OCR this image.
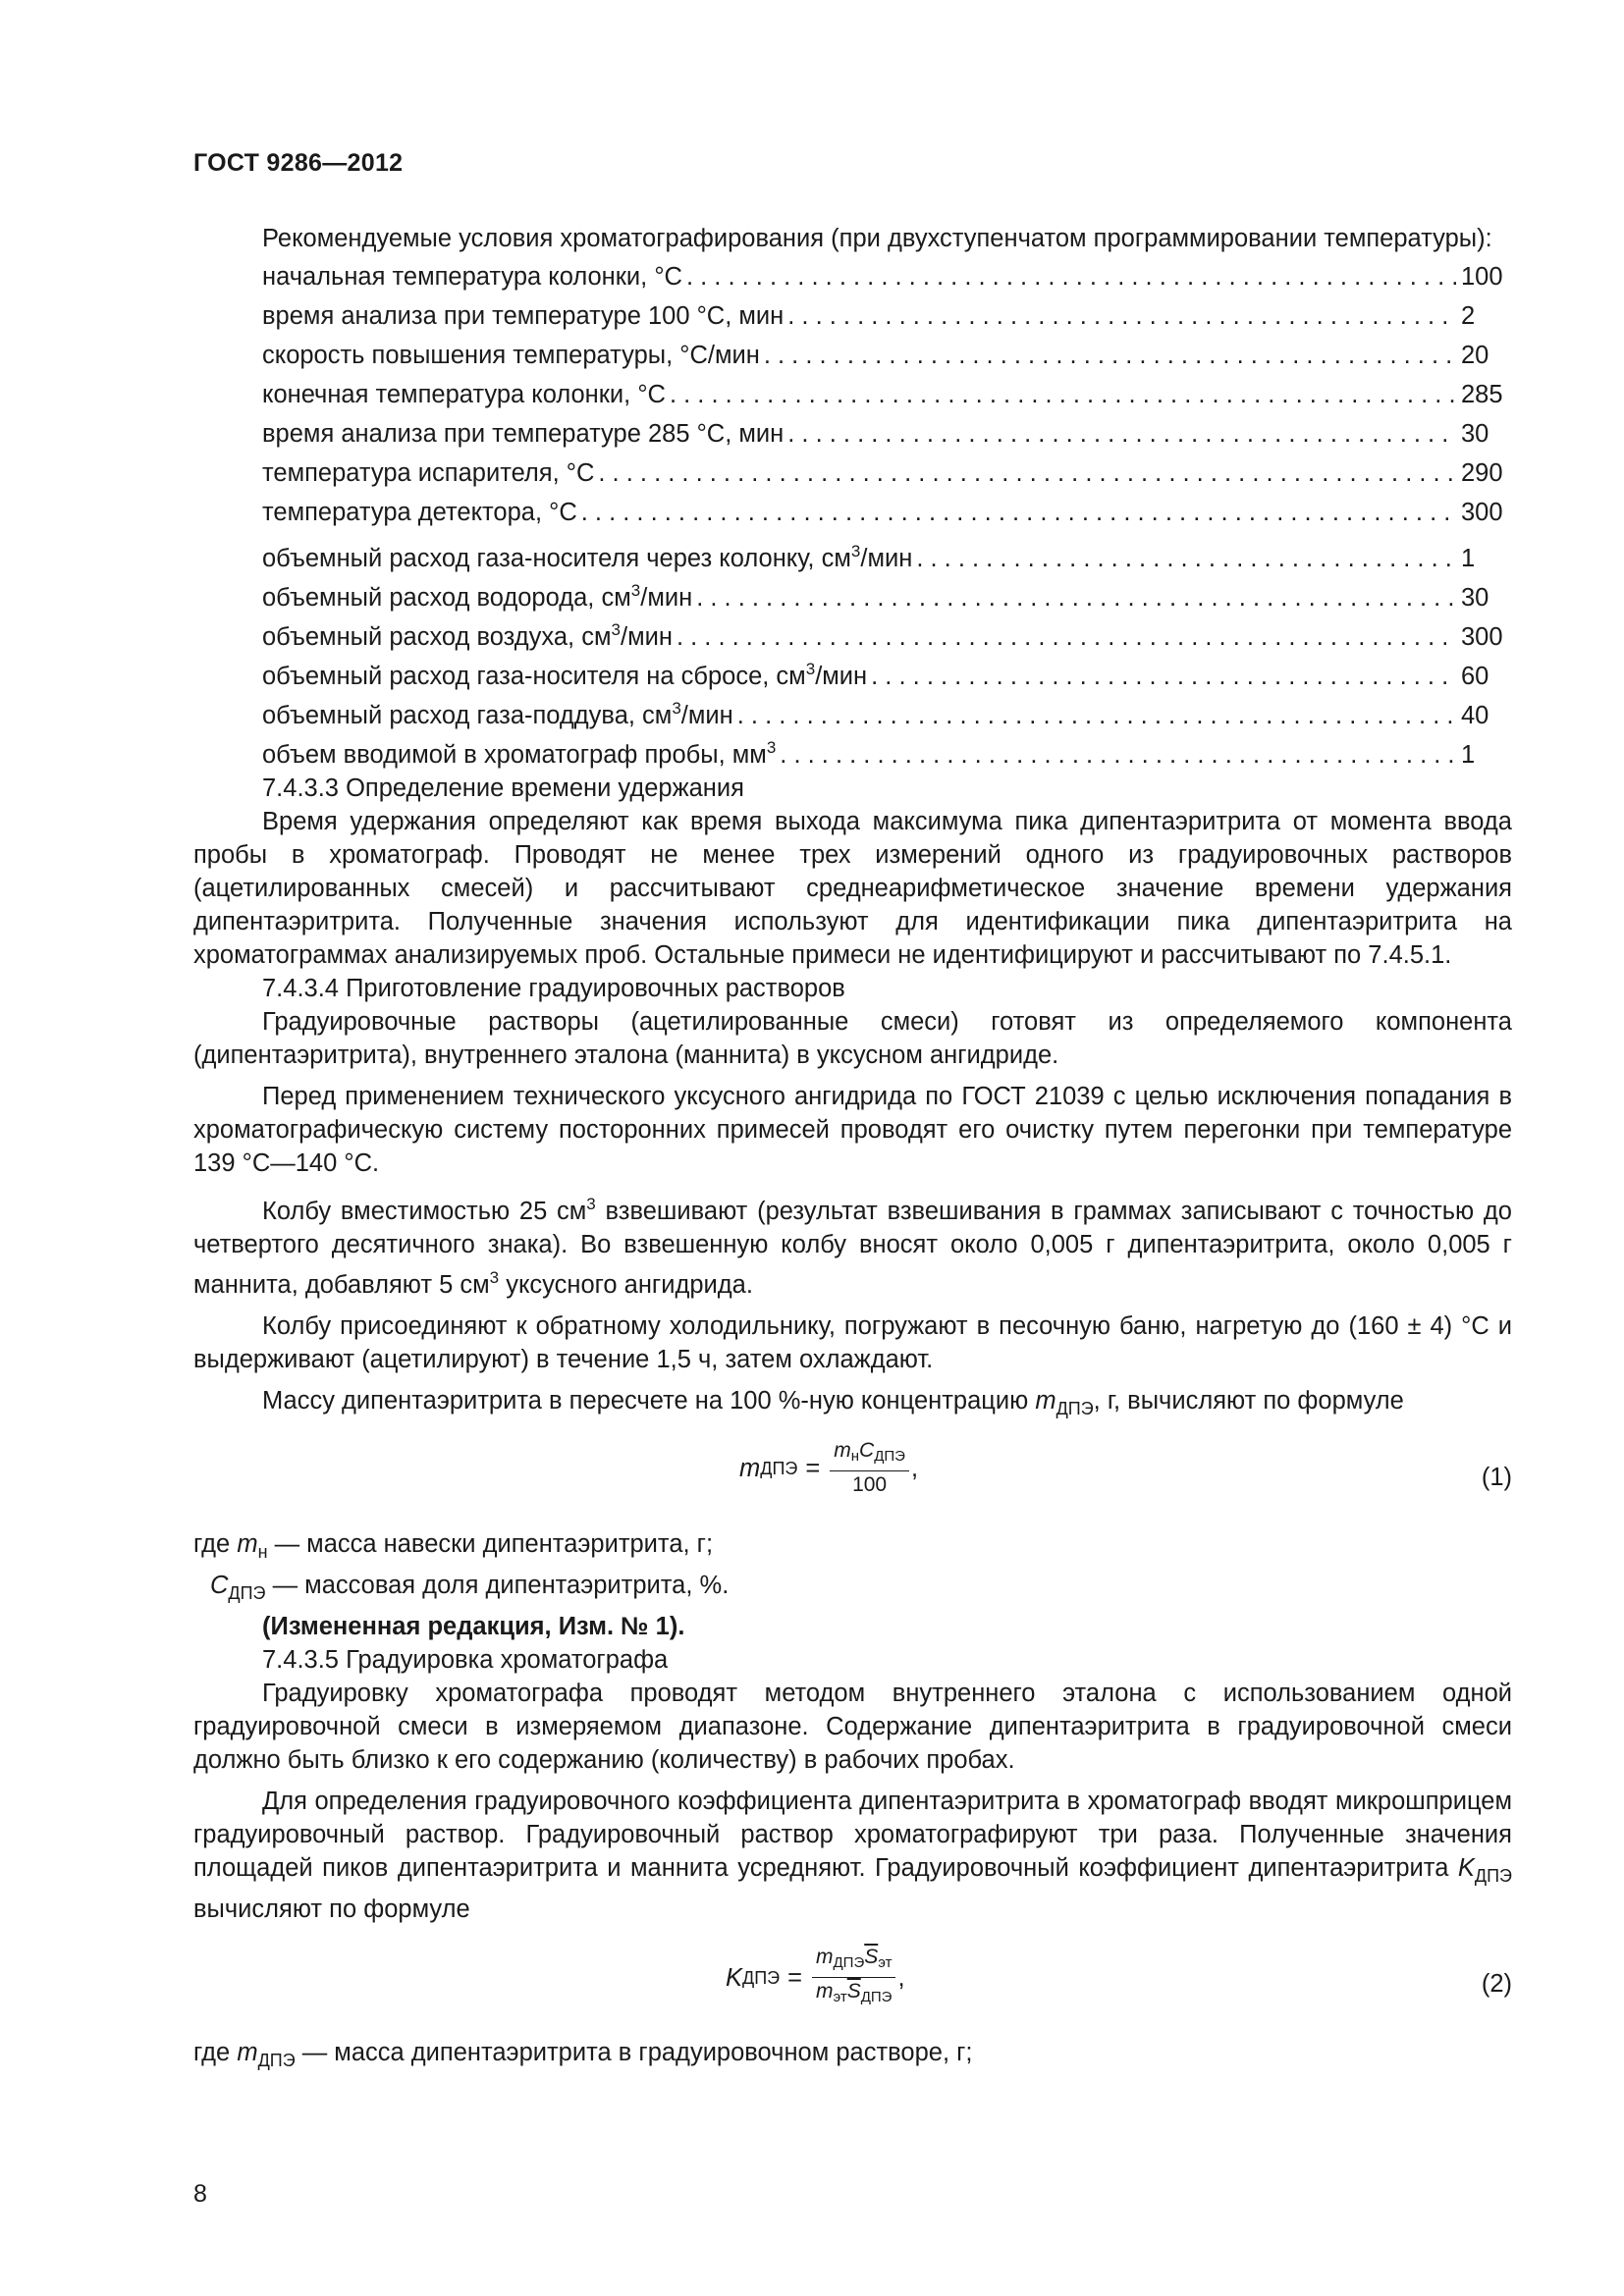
ГОСТ 9286—2012

Рекомендуемые условия хроматографирования (при двухступенчатом программировании температуры):

начальная температура колонки, °С . . .	100
время анализа при температуре 100 °С, мин . . .	2
скорость повышения температуры, °С/мин . . .	20
конечная температура колонки, °С . . .	285
время анализа при температуре 285 °С, мин . . .	30
температура испарителя, °С . . .	290
температура детектора, °С . . .	300
объемный расход газа-носителя через колонку, $см^3$/мин . . .	1
объемный расход водорода, $см^3$/мин . . .	30
объемный расход воздуха, $см^3$/мин . . .	300
объемный расход газа-носителя на сбросе, $см^3$/мин . . .	60
объемный расход газа-поддува, $см^3$/мин . . .	40
объем вводимой в хроматограф пробы, $мм^3$ . . .	1

7.4.3.3 Определение времени удержания

Время удержания определяют как время выхода максимума пика дипентаэритрита от момента ввода пробы в хроматограф. Проводят не менее трех измерений одного из градуировочных растворов (ацетилированных смесей) и рассчитывают среднеарифметическое значение времени удержания дипентаэритрита. Полученные значения используют для идентификации пика дипентаэритрита на хроматограммах анализируемых проб. Остальные примеси не идентифицируют и рассчитывают по 7.4.5.1.

7.4.3.4 Приготовление градуировочных растворов

Градуировочные растворы (ацетилированные смеси) готовят из определяемого компонента (дипентаэритрита), внутреннего эталона (маннита) в уксусном ангидриде.

Перед применением технического уксусного ангидрида по ГОСТ 21039 с целью исключения попадания в хроматографическую систему посторонних примесей проводят его очистку путем перегонки при температуре 139 °С—140 °С.

Колбу вместимостью 25 $см^3$ взвешивают (результат взвешивания в граммах записывают с точностью до четвертого десятичного знака). Во взвешенную колбу вносят около 0,005 г дипентаэритрита, около 0,005 г маннита, добавляют 5 $см^3$ уксусного ангидрида.

Колбу присоединяют к обратному холодильнику, погружают в песочную баню, нагретую до (160 ± 4) °С и выдерживают (ацетилируют) в течение 1,5 ч, затем охлаждают.

Массу дипентаэритрита в пересчете на 100 %-ную концентрацию $m_{ДПЭ}$, г, вычисляют по формуле

m ДПЭ = $\frac{m_нC_{ДПЭ}}{100}$ ,	(1)

где $m_н$ — масса навески дипентаэритрита, г;

$C_{ДПЭ}$ — массовая доля дипентаэритрита, %.

(Измененная редакция, Изм. № 1).

7.4.3.5 Градуировка хроматографа

Градуировку хроматографа проводят методом внутреннего эталона с использованием одной градуировочной смеси в измеряемом диапазоне. Содержание дипентаэритрита в градуировочной смеси должно быть близко к его содержанию (количеству) в рабочих пробах.

Для определения градуировочного коэффициента дипентаэритрита в хроматограф вводят микрошприцем градуировочный раствор. Градуировочный раствор хроматографируют три раза. Полученные значения площадей пиков дипентаэритрита и маннита усредняют. Градуировочный коэффициент дипентаэритрита $K_{ДПЭ}$ вычисляют по формуле

K ДПЭ = $\frac{m_{ДПЭ}\overline{S}_{эт}}{m_{эт}\overline{S}_{ДПЭ}}$ ,	(2)

где $m_{ДПЭ}$ — масса дипентаэритрита в градуировочном растворе, г;

8
